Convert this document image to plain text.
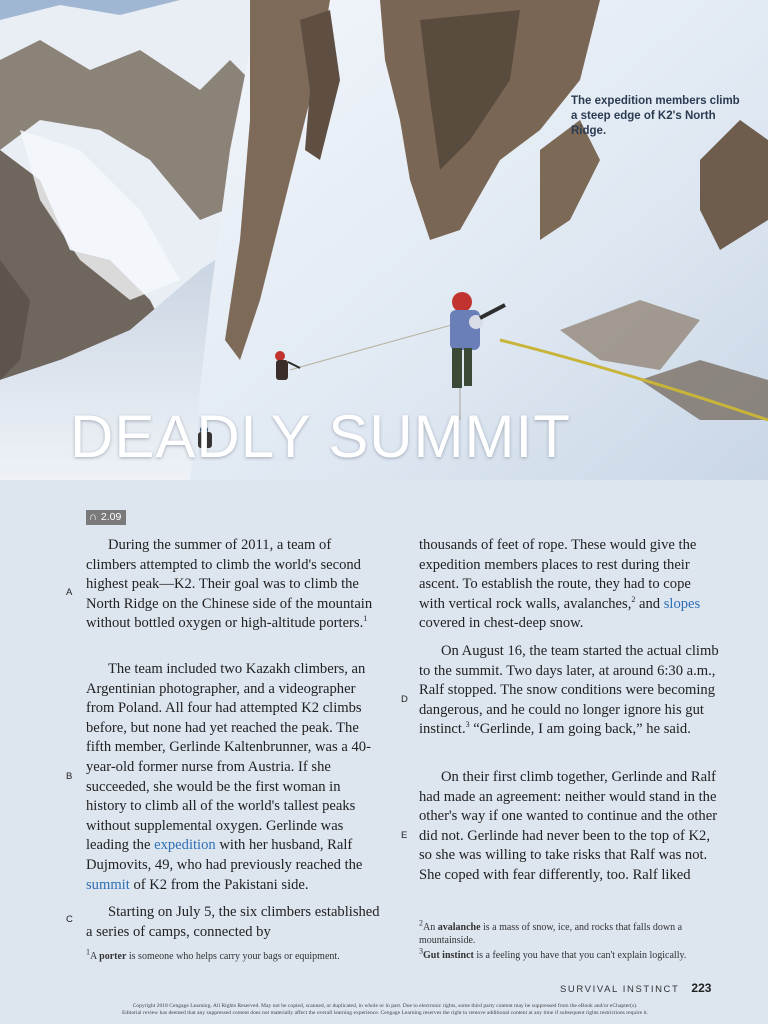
The expedition members climb a steep edge of K2's North Ridge.
DEADLY SUMMIT
∩ 2.09

During the summer of 2011, a team of climbers attempted to climb the world's second highest peak—K2. Their goal was to climb the North Ridge on the Chinese side of the mountain without bottled oxygen or high-altitude porters.$^1$

A

The team included two Kazakh climbers, an Argentinian photographer, and a videographer from Poland. All four had attempted K2 climbs before, but none had yet reached the peak. The fifth member, Gerlinde Kaltenbrunner, was a 40-year-old former nurse from Austria. If she succeeded, she would be the first woman in history to climb all of the world's tallest peaks without supplemental oxygen. Gerlinde was leading the expedition with her husband, Ralf Dujmovits, 49, who had previously reached the summit of K2 from the Pakistani side.

B

Starting on July 5, the six climbers established a series of camps, connected by

C

$^1$A porter is someone who helps carry your bags or equipment.

thousands of feet of rope. These would give the expedition members places to rest during their ascent. To establish the route, they had to cope with vertical rock walls, avalanches,$^2$ and slopes covered in chest-deep snow.

On August 16, the team started the actual climb to the summit. Two days later, at around 6:30 a.m., Ralf stopped. The snow conditions were becoming dangerous, and he could no longer ignore his gut instinct.$^3$ “Gerlinde, I am going back,” he said.

D

On their first climb together, Gerlinde and Ralf had made an agreement: neither would stand in the other's way if one wanted to continue and the other did not. Gerlinde had never been to the top of K2, so she was willing to take risks that Ralf was not. She coped with fear differently, too. Ralf liked

E

$^2$An avalanche is a mass of snow, ice, and rocks that falls down a mountainside.

$^3$Gut instinct is a feeling you have that you can't explain logically.

SURVIVAL INSTINCT 223
Copyright 2018 Cengage Learning. All Rights Reserved. May not be copied, scanned, or duplicated, in whole or in part. Due to electronic rights, some third party content may be suppressed from the eBook and/or eChapter(s).
Editorial review has deemed that any suppressed content does not materially affect the overall learning experience. Cengage Learning reserves the right to remove additional content at any time if subsequent rights restrictions require it.
